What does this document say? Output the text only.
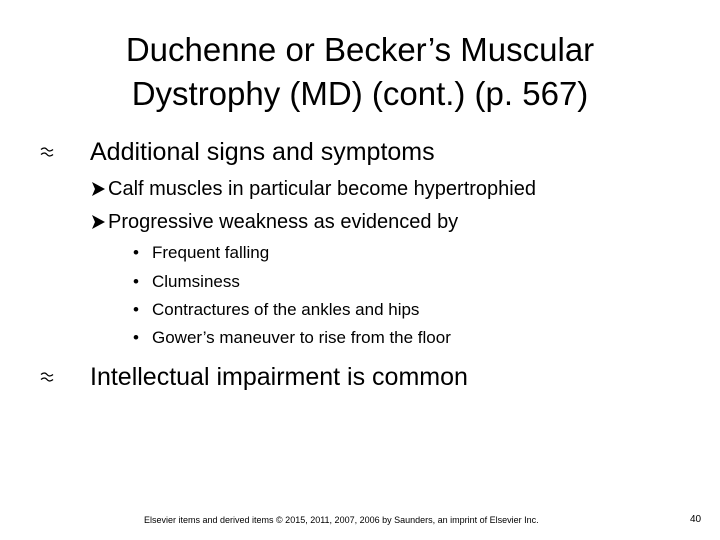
Duchenne or Becker’s Muscular
Dystrophy (MD) (cont.) (p. 567)
Additional signs and symptoms
Calf muscles in particular become hypertrophied
Progressive weakness as evidenced by
• Frequent falling
• Clumsiness
• Contractures of the ankles and hips
• Gower’s maneuver to rise from the floor
Intellectual impairment is common
Elsevier items and derived items © 2015, 2011, 2007, 2006 by Saunders, an imprint of Elsevier Inc.	40
